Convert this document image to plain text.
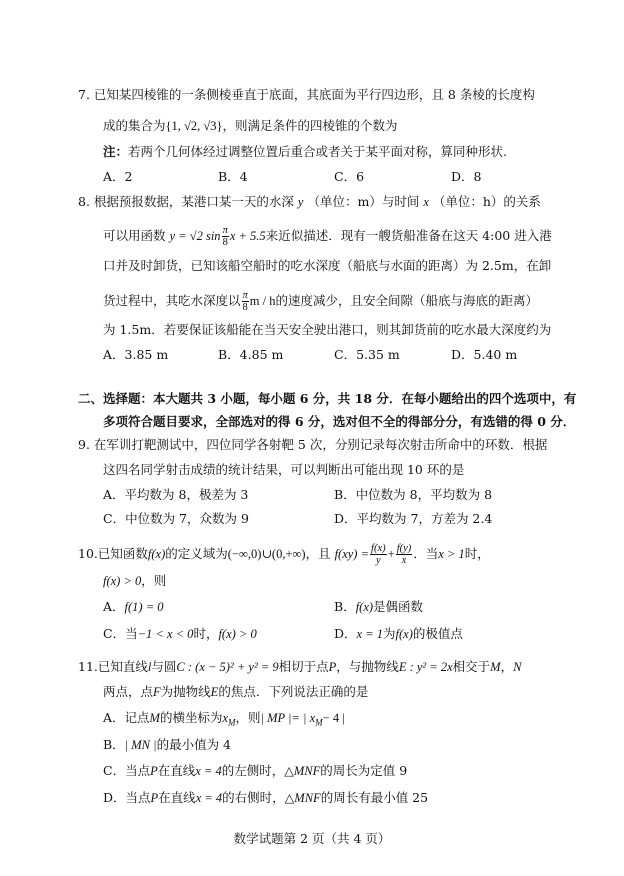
7. 已知某四棱锥的一条侧棱垂直于底面，其底面为平行四边形，且 8 条棱的长度构
成的集合为{1, √2, √3}，则满足条件的四棱锥的个数为
注：若两个几何体经过调整位置后重合或者关于某平面对称，算同种形状.
A．2	B．4	C．6	D．8
8. 根据预报数据，某港口某一天的水深 y （单位：m）与时间 x （单位：h）的关系
可以用函数 y = √2 $\sin \frac{\pi}{8}$ x + 5.5来近似描述．现有一艘货船准备在这天 4:00 进入港
口并及时卸货，已知该船空船时的吃水深度（船底与水面的距离）为 2.5m，在卸
货过程中，其吃水深度以 $\frac{\pi}{8}$ m / h的速度减少，且安全间隙（船底与海底的距离）
为 1.5m．若要保证该船能在当天安全驶出港口，则其卸货前的吃水最大深度约为
A．3.85 m	B．4.85 m	C．5.35 m	D．5.40 m
二、选择题：本大题共 3 小题，每小题 6 分，共 18 分．在每小题给出的四个选项中，有
多项符合题目要求，全部选对的得 6 分，选对但不全的得部分分，有选错的得 0 分．
9. 在军训打靶测试中，四位同学各射靶 5 次，分别记录每次射击所命中的环数．根据
这四名同学射击成绩的统计结果，可以判断出可能出现 10 环的是
A．平均数为 8，极差为 3	B．中位数为 8，平均数为 8
C．中位数为 7，众数为 9	D．平均数为 7，方差为 2.4
10.已知函数f(x)的定义域为(−∞,0)∪(0,+∞)，且 $f(xy) = \frac{f(x)}{y} + \frac{f(y)}{x}$ ．当x > 1时，
f(x) > 0，则
A．f(1) = 0	B．f(x)是偶函数
C．当−1 < x < 0时，f(x) > 0	D．x = 1为f(x)的极值点
11.已知直线l与圆C : (x − 5)² + y² = 9相切于点P，与抛物线E : y² = 2x相交于M，N
两点，点F为抛物线E的焦点．下列说法正确的是
A．记点M的横坐标为$x_M$，则| MP |= | $x_M- 4$ |
B．| MN |的最小值为 4
C．当点P在直线x = 4的左侧时，△MNF的周长为定值 9
D．当点P在直线x = 4的右侧时，△MNF的周长有最小值 25
数学试题第 2 页（共 4 页）
